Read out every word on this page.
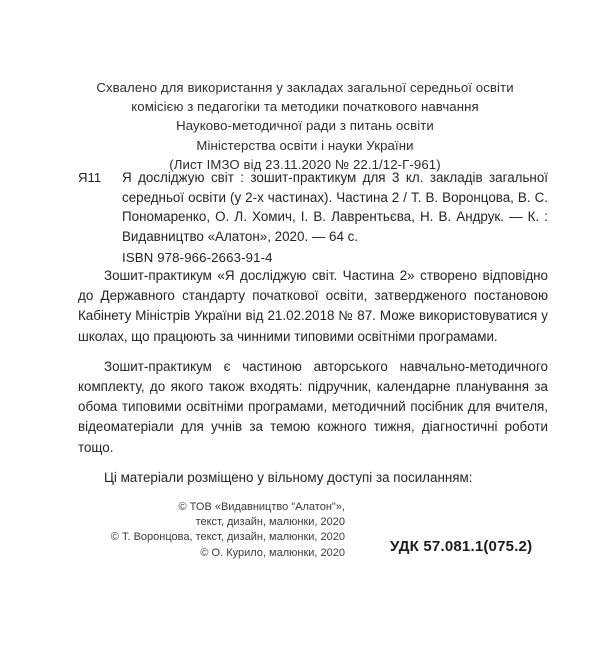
Схвалено для використання у закладах загальної середньої освіти
комісією з педагогіки та методики початкового навчання
Науково-методичної ради з питань освіти
Міністерства освіти і науки України
(Лист ІМЗО від 23.11.2020 № 22.1/12-Г-961)
Я11	Я досліджую світ : зошит-практикум для 3 кл. закладів загальної середньої освіти (у 2-х частинах). Частина 2 / Т. В. Воронцова, В. С. Пономаренко, О. Л. Хомич, І. В. Лаврентьєва, Н. В. Андрук. — К. : Видавництво «Алатон», 2020. — 64 с.
ISBN 978-966-2663-91-4

Зошит-практикум «Я досліджую світ. Частина 2» створено відповідно до Державного стандарту початкової освіти, затвердженого постановою Кабінету Міністрів України від 21.02.2018 № 87. Може використовуватися у школах, що працюють за чинними типовими освітніми програмами.

Зошит-практикум є частиною авторського навчально-методичного комплекту, до якого також входять: підручник, календарне планування за обома типовими освітніми програмами, методичний посібник для вчителя, відеоматеріали для учнів за темою кожного тижня, діагностичні роботи тощо.

Ці матеріали розміщено у вільному доступі за посиланням:

© ТОВ «Видавництво "Алатон"»,
текст, дизайн, малюнки, 2020
© Т. Воронцова, текст, дизайн, малюнки, 2020
© О. Курило, малюнки, 2020	УДК 57.081.1(075.2)
